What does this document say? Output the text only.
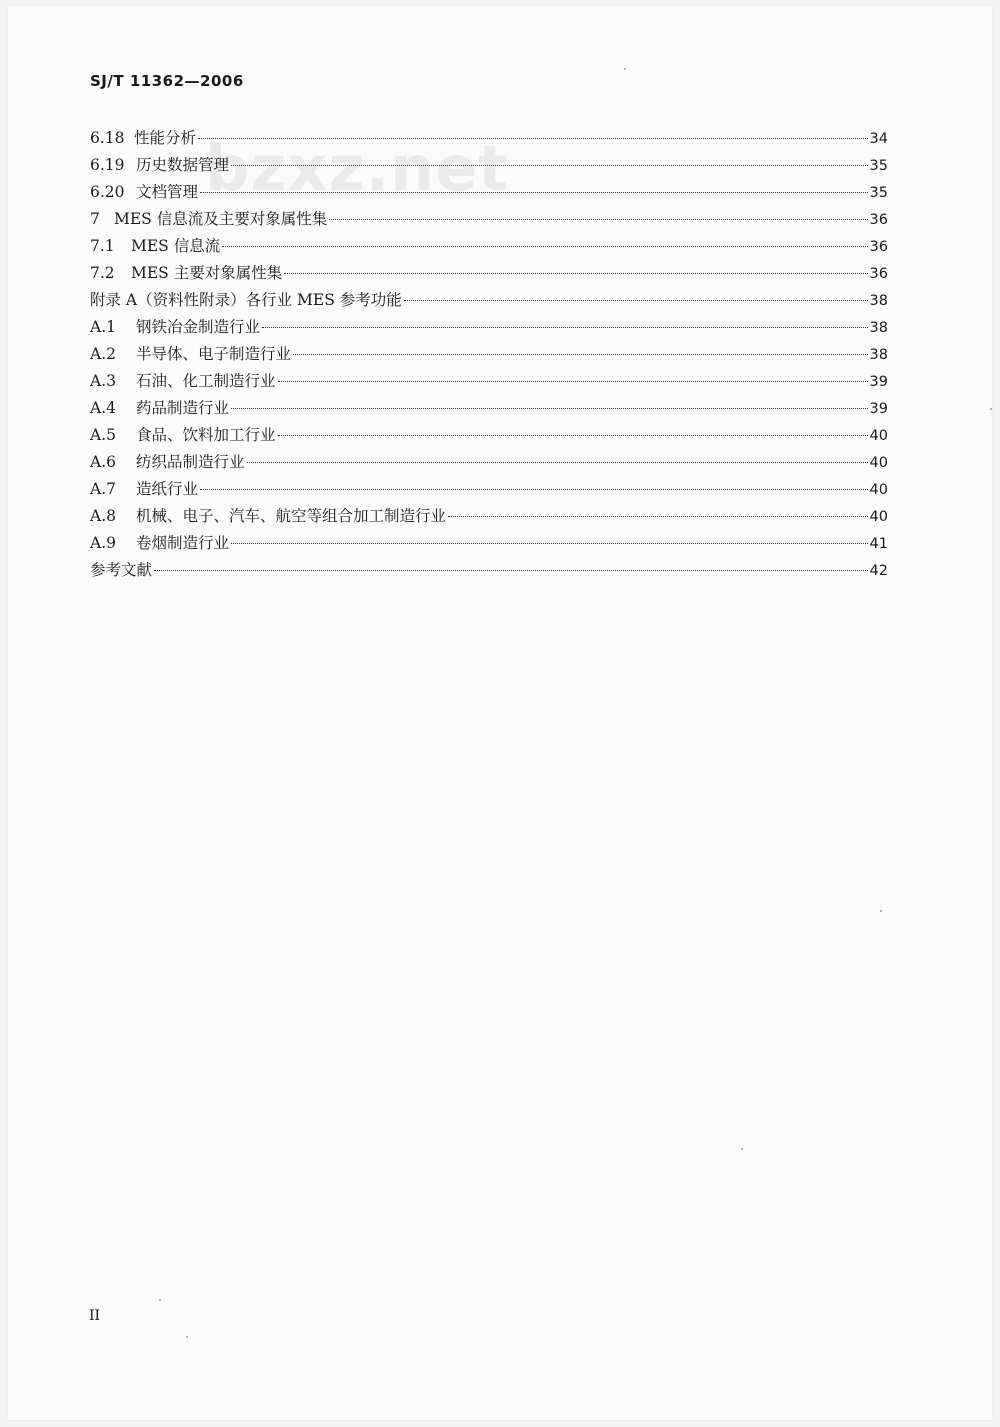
bzxz.net
SJ/T 11362—2006
6.18 性能分析	34
6.19 历史数据管理	35
6.20 文档管理	35
7 MES 信息流及主要对象属性集	36
7.1	MES 信息流	36
7.2	MES 主要对象属性集	36
附录 A（资料性附录）各行业 MES 参考功能	38
A.1	钢铁冶金制造行业	38
A.2	半导体、电子制造行业	38
A.3	石油、化工制造行业	39
A.4	药品制造行业	39
A.5	食品、饮料加工行业	40
A.6	纺织品制造行业	40
A.7	造纸行业	40
A.8	机械、电子、汽车、航空等组合加工制造行业	40
A.9	卷烟制造行业	41
参考文献	42
II
